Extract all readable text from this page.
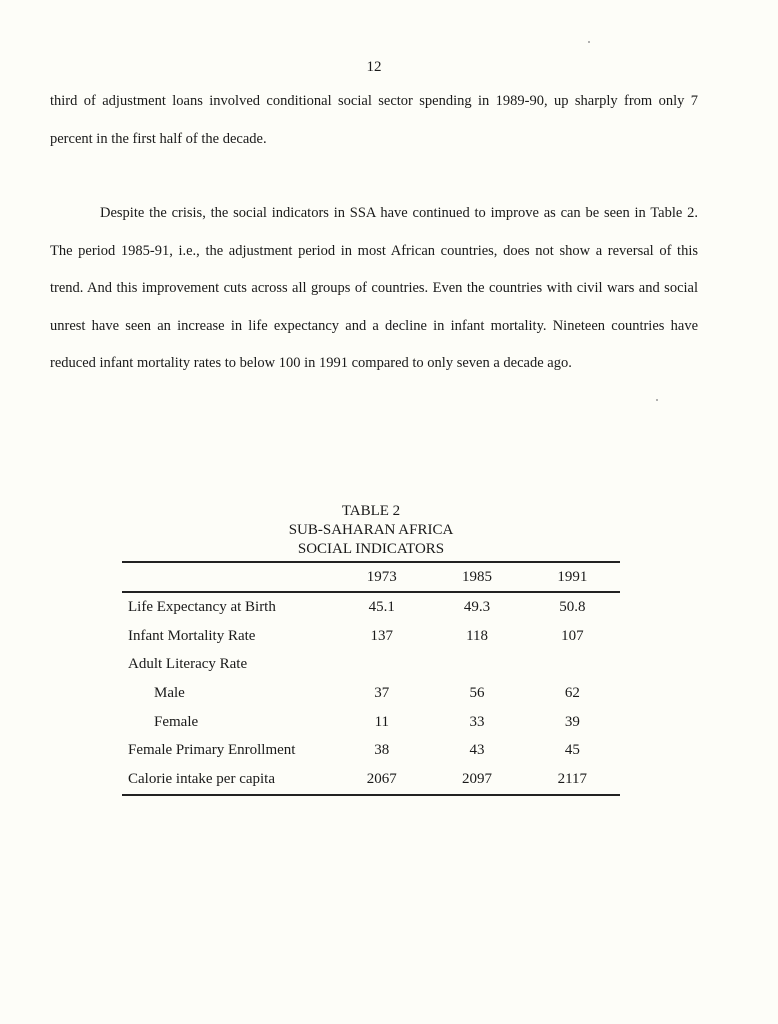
12

third of adjustment loans involved conditional social sector spending in 1989-90, up sharply from only 7 percent in the first half of the decade.

Despite the crisis, the social indicators in SSA have continued to improve as can be seen in Table 2. The period 1985-91, i.e., the adjustment period in most African countries, does not show a reversal of this trend. And this improvement cuts across all groups of countries. Even the countries with civil wars and social unrest have seen an increase in life expectancy and a decline in infant mortality. Nineteen countries have reduced infant mortality rates to below 100 in 1991 compared to only seven a decade ago.

TABLE 2
SUB-SAHARAN AFRICA
SOCIAL INDICATORS
	1973	1985	1991
Life Expectancy at Birth	45.1	49.3	50.8
Infant Mortality Rate	137	118	107
Adult Literacy Rate			
Male	37	56	62
Female	11	33	39
Female Primary Enrollment	38	43	45
Calorie intake per capita	2067	2097	2117
